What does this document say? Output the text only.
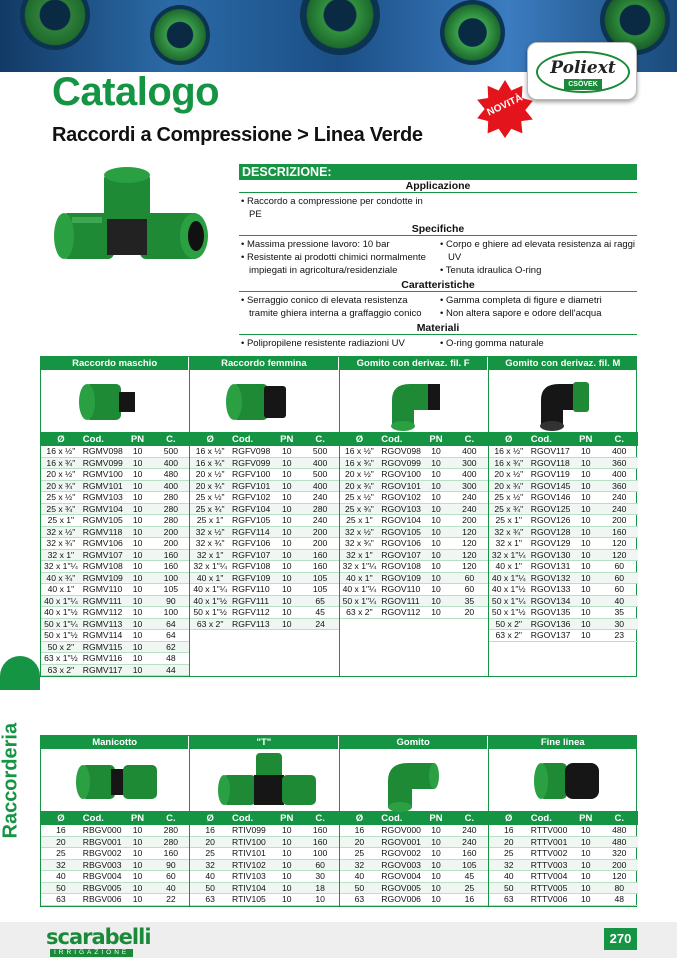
Poliext
CSÖVEK
NOVITÀ
Catalogo
Raccordi a Compressione > Linea Verde
DESCRIZIONE:
Applicazione
• Raccordo a compressione per condotte in PE
Specifiche
• Massima pressione lavoro: 10 bar
• Resistente ai prodotti chimici normalmente impiegati in agricoltura/residenziale
• Corpo e ghiere ad elevata resistenza ai raggi UV
• Tenuta idraulica O-ring
Caratteristiche
• Serraggio conico di elevata resistenza tramite ghiera interna a graffaggio conico
• Gamma completa di figure e diametri
• Non altera sapore e odore dell'acqua
Materiali
• Polipropilene resistente radiazioni UV	• O-ring gomma naturale
Raccordo maschio
Ø	Cod.	PN	C.
16 x ½" RGMV098	10	500
16 x ¾" RGMV099	10	400
20 x ½" RGMV100	10	480
20 x ¾" RGMV101	10	400
25 x ½" RGMV103	10	280
25 x ¾" RGMV104	10	280
25 x 1"	RGMV105	10	280
32 x ½" RGMV118	10	200
32 x ¾" RGMV106	10	200
32 x 1"	RGMV107	10	160
32 x 1"¼ RGMV108	10	160
40 x ¾" RGMV109	10	100
40 x 1"	RGMV110	10	105
40 x 1"¼ RGMV111	10	90
40 x 1"½ RGMV112	10	100
50 x 1"¼ RGMV113	10	64
50 x 1"½ RGMV114	10	64
50 x 2"	RGMV115	10	62
63 x 1"½ RGMV116	10	48
63 x 2"	RGMV117	10	44
Raccordo femmina
Ø	Cod.	PN	C.
16 x ½" RGFV098	10	500
16 x ¾" RGFV099	10	400
20 x ½" RGFV100	10	500
20 x ¾" RGFV101	10	400
25 x ½" RGFV102	10	240
25 x ¾" RGFV104	10	280
25 x 1"	RGFV105	10	240
32 x ½" RGFV114	10	200
32 x ¾" RGFV106	10	200
32 x 1"	RGFV107	10	160
32 x 1"¼ RGFV108	10	160
40 x 1"	RGFV109	10	105
40 x 1"¼ RGFV110	10	105
40 x 1"½ RGFV111	10	65
50 x 1"½ RGFV112	10	45
63 x 2"	RGFV113	10	24
Gomito con derivaz. fil. F
Ø	Cod.	PN	C.
16 x ½" RGOV098	10	400
16 x ¾" RGOV099	10	300
20 x ½" RGOV100	10	400
20 x ¾" RGOV101	10	300
25 x ½" RGOV102	10	240
25 x ¾" RGOV103	10	240
25 x 1"	RGOV104	10	200
32 x ½" RGOV105	10	120
32 x ¾" RGOV106	10	120
32 x 1"	RGOV107	10	120
32 x 1"¼ RGOV108	10	120
40 x 1"	RGOV109	10	60
40 x 1"¼ RGOV110	10	60
50 x 1"¼ RGOV111	10	35
63 x 2"	RGOV112	10	20
Gomito con derivaz. fil. M
Ø	Cod.	PN	C.
16 x ½" RGOV117	10	400
16 x ¾" RGOV118	10	360
20 x ½" RGOV119	10	400
20 x ¾" RGOV145	10	360
25 x ½" RGOV146	10	240
25 x ¾" RGOV125	10	240
25 x 1"	RGOV126	10	200
32 x ¾" RGOV128	10	160
32 x 1"	RGOV129	10	120
32 x 1"¼ RGOV130	10	120
40 x 1"	RGOV131	10	60
40 x 1"¼ RGOV132	10	60
40 x 1"½ RGOV133	10	60
50 x 1"¼ RGOV134	10	40
50 x 1"½ RGOV135	10	35
50 x 2"	RGOV136	10	30
63 x 2"	RGOV137	10	23
Manicotto
Ø	Cod.	PN	C.
16	RBGV000	10	280
20	RBGV001	10	280
25	RBGV002	10	160
32	RBGV003	10	90
40	RBGV004	10	60
50	RBGV005	10	40
63	RBGV006	10	22
"T"
Ø	Cod.	PN	C.
16	RTIV099	10	160
20	RTIV100	10	160
25	RTIV101	10	100
32	RTIV102	10	60
40	RTIV103	10	30
50	RTIV104	10	18
63	RTIV105	10	10
Gomito
Ø	Cod.	PN	C.
16	RGOV000	10	240
20	RGOV001	10	240
25	RGOV002	10	160
32	RGOV003	10	105
40	RGOV004	10	45
50	RGOV005	10	25
63	RGOV006	10	16
Fine linea
Ø	Cod.	PN	C.
16	RTTV000	10	480
20	RTTV001	10	480
25	RTTV002	10	320
32	RTTV003	10	200
40	RTTV004	10	120
50	RTTV005	10	80
63	RTTV006	10	48
Raccorderia
scarabelli
IRRIGAZIONE
270
